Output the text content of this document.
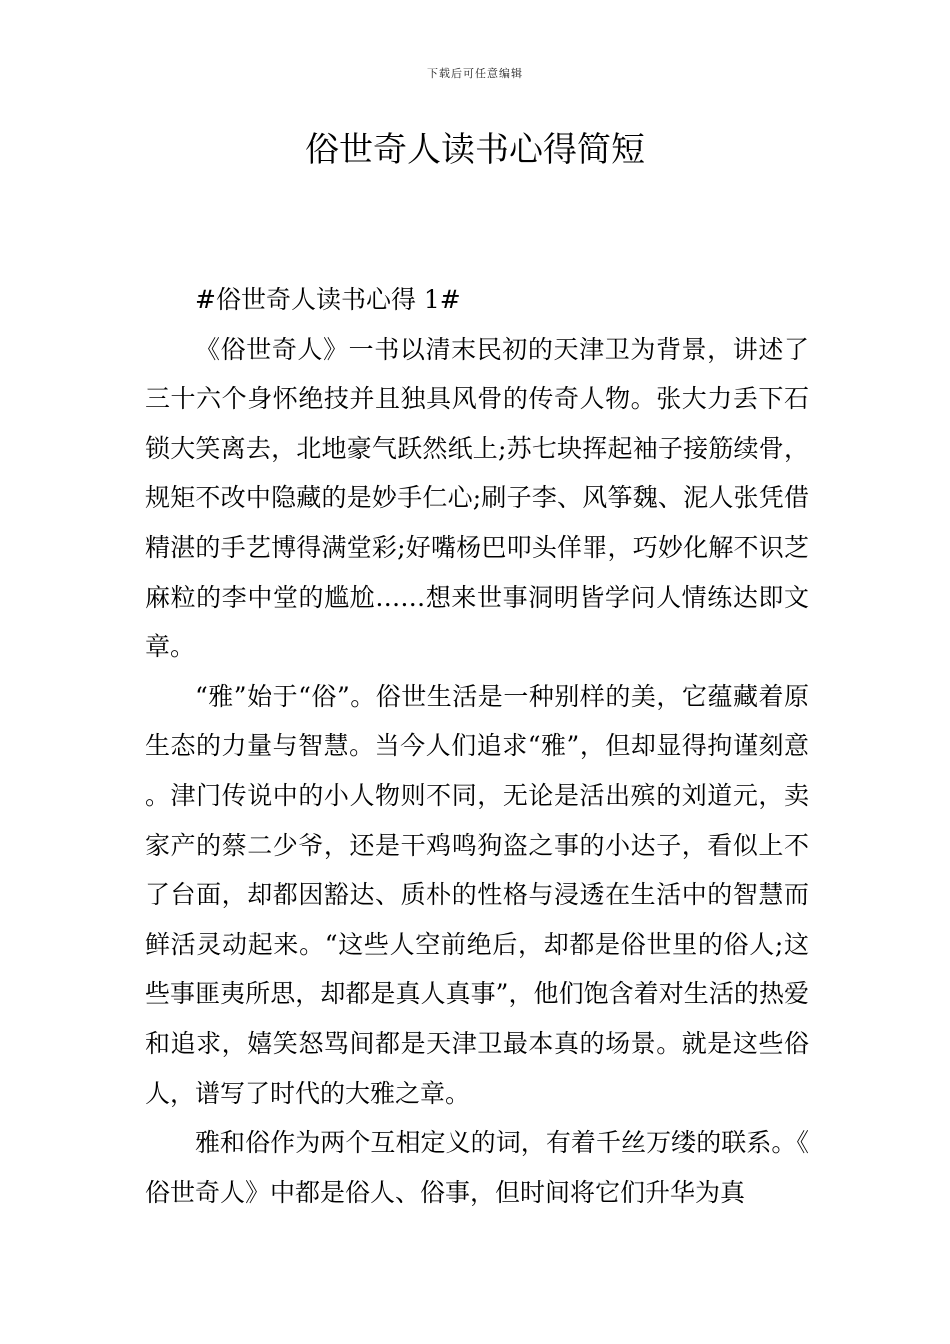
下载后可任意编辑
俗世奇人读书心得简短

#俗世奇人读书心得 1#

《俗世奇人》一书以清末民初的天津卫为背景，讲述了三十六个身怀绝技并且独具风骨的传奇人物。张大力丢下石锁大笑离去，北地豪气跃然纸上;苏七块挥起袖子接筋续骨，规矩不改中隐藏的是妙手仁心;刷子李、风筝魏、泥人张凭借精湛的手艺博得满堂彩;好嘴杨巴叩头佯罪，巧妙化解不识芝麻粒的李中堂的尴尬……想来世事洞明皆学问人情练达即文章。

“雅”始于“俗”。俗世生活是一种别样的美，它蕴藏着原生态的力量与智慧。当今人们追求“雅”，但却显得拘谨刻意。津门传说中的小人物则不同，无论是活出殡的刘道元，卖家产的蔡二少爷，还是干鸡鸣狗盗之事的小达子，看似上不了台面，却都因豁达、质朴的性格与浸透在生活中的智慧而鲜活灵动起来。“这些人空前绝后，却都是俗世里的俗人;这些事匪夷所思，却都是真人真事”，他们饱含着对生活的热爱和追求，嬉笑怒骂间都是天津卫最本真的场景。就是这些俗人，谱写了时代的大雅之章。

雅和俗作为两个互相定义的词，有着千丝万缕的联系。《俗世奇人》中都是俗人、俗事，但时间将它们升华为真
